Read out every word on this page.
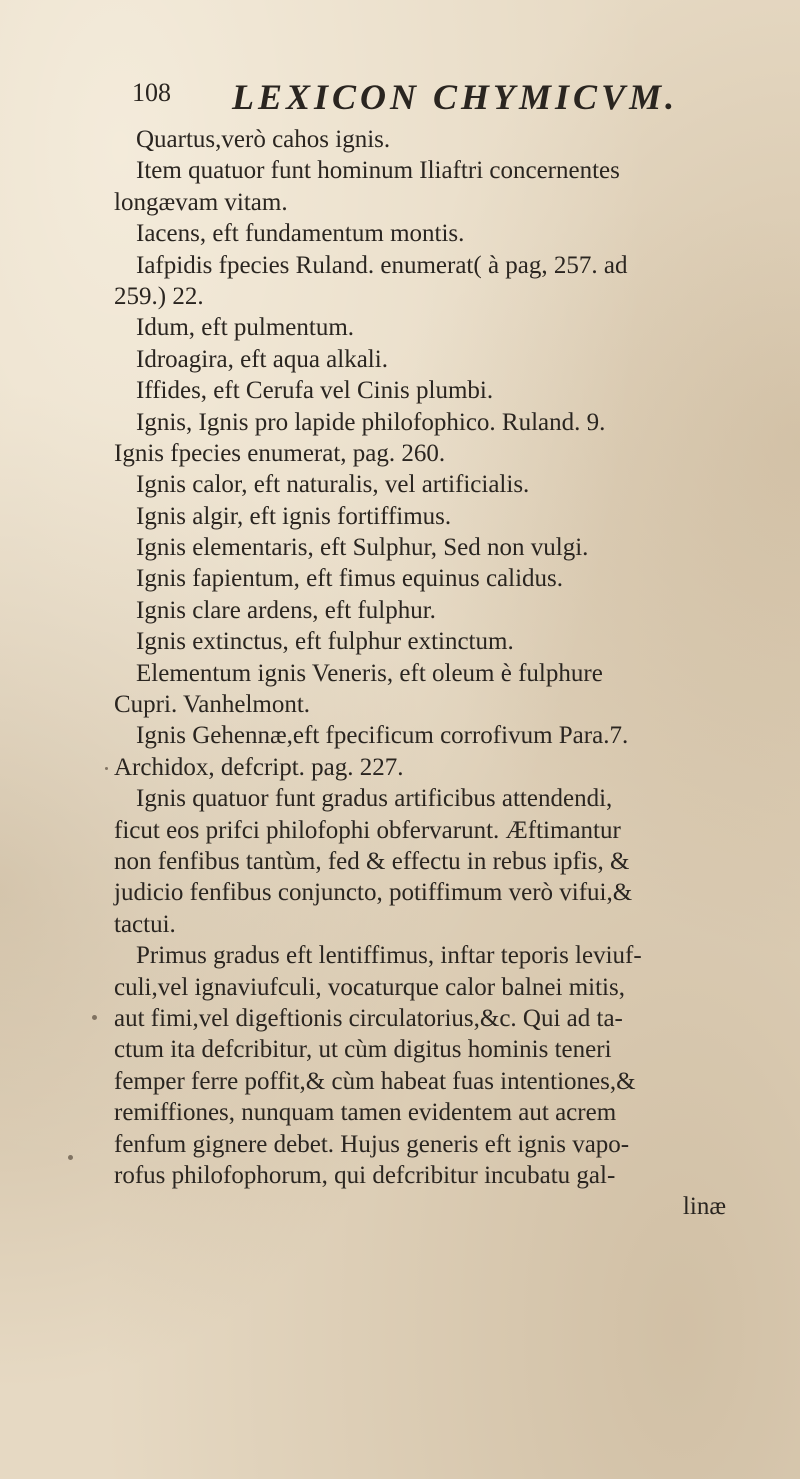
108 LEXICON CHYMICVM.
Quartus,verò cahos ignis.
Item quatuor funt hominum Iliaftri concernentes
longævam vitam.
Iacens, eft fundamentum montis.
Iafpidis fpecies Ruland. enumerat( à pag, 257. ad
259.) 22.
Idum, eft pulmentum.
Idroagira, eft aqua alkali.
Iffides, eft Cerufa vel Cinis plumbi.
Ignis, Ignis pro lapide philofophico. Ruland. 9.
Ignis fpecies enumerat, pag. 260.
Ignis calor, eft naturalis, vel artificialis.
Ignis algir, eft ignis fortiffimus.
Ignis elementaris, eft Sulphur, Sed non vulgi.
Ignis fapientum, eft fimus equinus calidus.
Ignis clare ardens, eft fulphur.
Ignis extinctus, eft fulphur extinctum.
Elementum ignis Veneris, eft oleum è fulphure
Cupri. Vanhelmont.
Ignis Gehennæ,eft fpecificum corrofivum Para.7.
Archidox, defcript. pag. 227.
Ignis quatuor funt gradus artificibus attendendi,
ficut eos prifci philofophi obfervarunt. Æftimantur
non fenfibus tantùm, fed & effectu in rebus ipfis, &
judicio fenfibus conjuncto, potiffimum verò vifui,&
tactui.
Primus gradus eft lentiffimus, inftar teporis leviuf-
culi,vel ignaviufculi, vocaturque calor balnei mitis,
aut fimi,vel digeftionis circulatorius,&c. Qui ad ta-
ctum ita defcribitur, ut cùm digitus hominis teneri
femper ferre poffit,& cùm habeat fuas intentiones,&
remiffiones, nunquam tamen evidentem aut acrem
fenfum gignere debet. Hujus generis eft ignis vapo-
rofus philofophorum, qui defcribitur incubatu gal-
linæ
